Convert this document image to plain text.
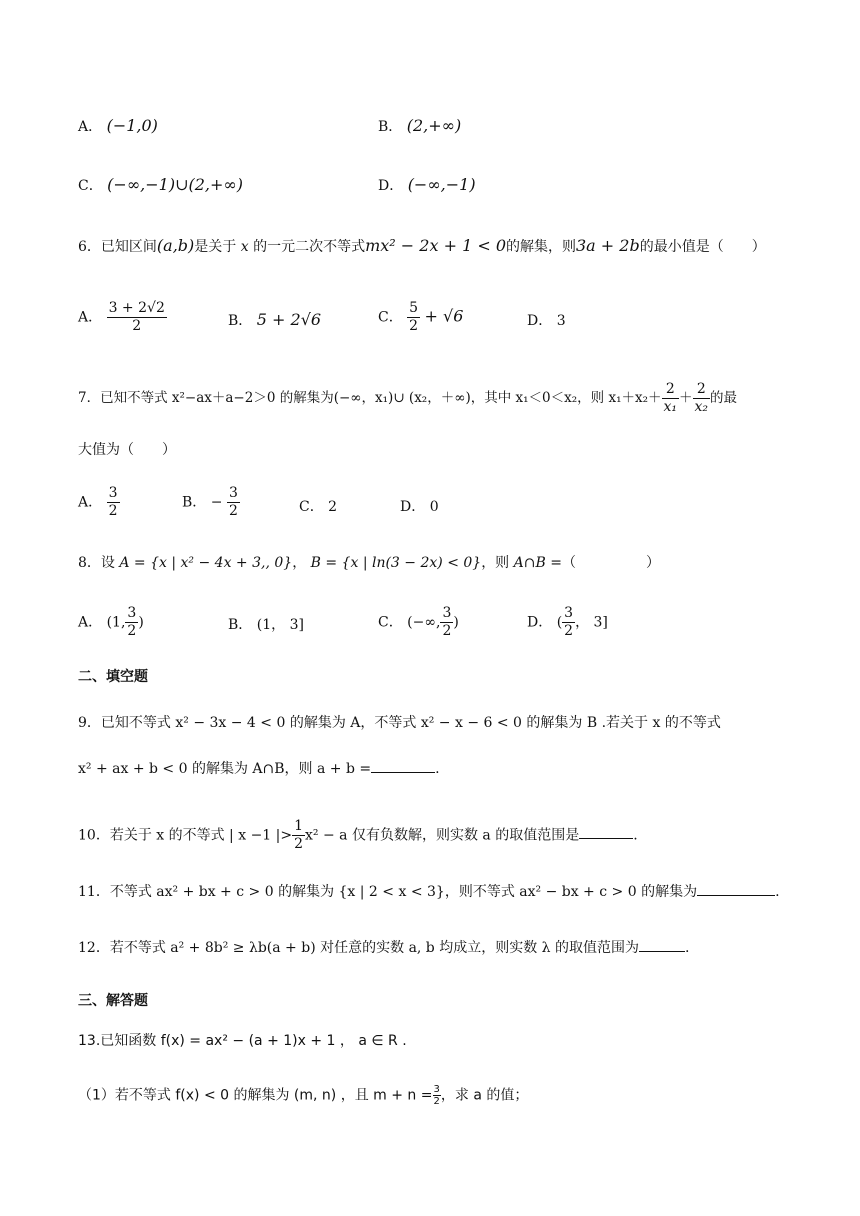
A． (−1,0)	B． (2,+∞)
C． (−∞,−1)∪(2,+∞)	D． (−∞,−1)
6．已知区间(a,b)是关于 x 的一元二次不等式mx² − 2x + 1 < 0的解集，则3a + 2b的最小值是（　　）
A． $\frac{3 + 2√2}{2}$	B． 5 + 2√6	C． $\frac{5}{2} + √6$	D． 3
7．已知不等式 x²−ax＋a−2＞0 的解集为(−∞，x₁)∪ (x₂，＋∞)，其中 x₁＜0＜x₂，则 $x_1+x_2+ \frac{2}{\text{x₁}} + \frac{2}{\text{x₂}}$ 的最
大值为（　　）
A． $\frac{3}{2}$	B． − $\frac{3}{2}$	C． 2	D． 0
8．设 A = {x | x² − 4x + 3,, 0}， B = {x | ln(3 − 2x) < 0}，则 A∩B =（　　　　　）
A． (1, $\frac{3}{2}$ )	B． (1， 3]	C． (−∞, $\frac{3}{2}$ )	D． ( $\frac{3}{2}$ ， 3]
二、填空题
9．已知不等式 x² − 3x − 4 < 0 的解集为 A，不等式 x² − x − 6 < 0 的解集为 B .若关于 x 的不等式
x² + ax + b < 0 的解集为 A∩B，则 a + b =	.
10．若关于 x 的不等式 | x −1 |> $\frac{1}{2} x^2 - a$ 仅有负数解，则实数 a 的取值范围是	.
11．不等式 ax² + bx + c > 0 的解集为 {x | 2 < x < 3}，则不等式 ax² − bx + c > 0 的解集为	.
12．若不等式 a² + 8b² ≥ λb(a + b) 对任意的实数 a, b 均成立，则实数 λ 的取值范围为	.
三、解答题
13.已知函数 f(x) = ax² − (a + 1)x + 1 ， a ∈ R .
（1）若不等式 f(x) < 0 的解集为 (m, n) ，且 $m + n = \frac{3}{2}$ ，求 a 的值；
